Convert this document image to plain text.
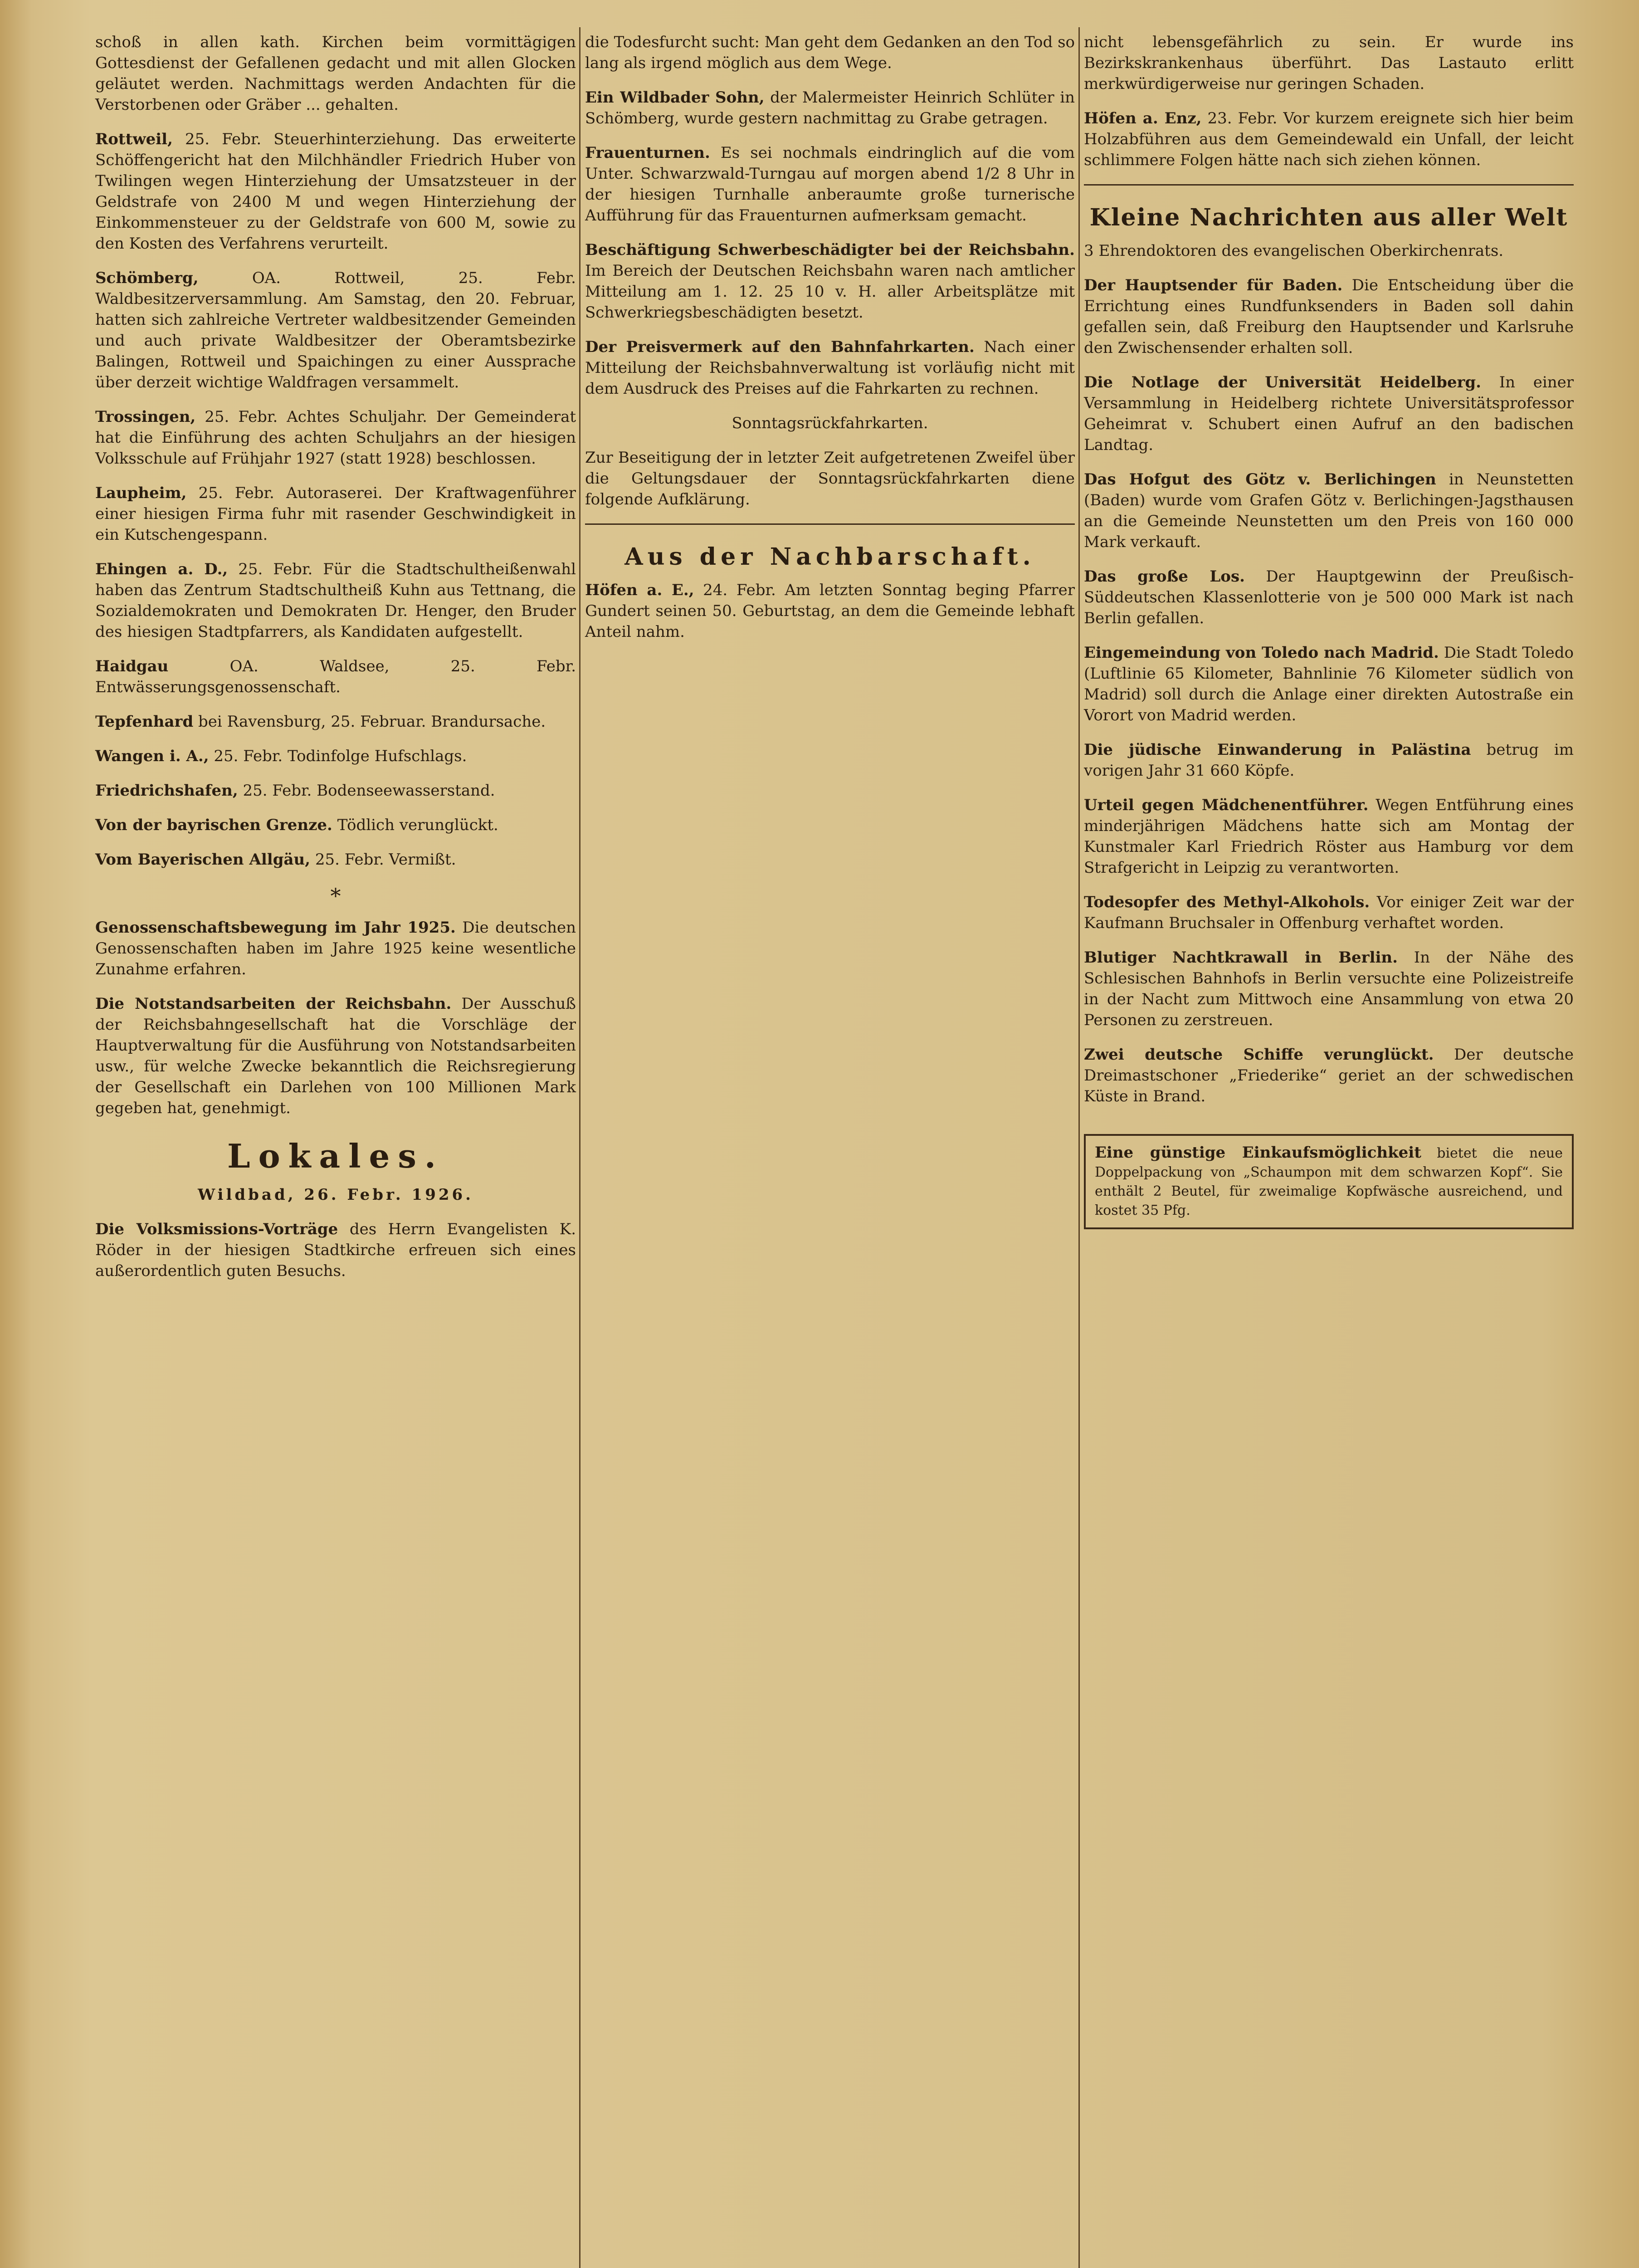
schoß in allen kath. Kirchen beim vormittägigen Gottesdienst der Gefallenen gedacht und mit allen Glocken geläutet werden. Nachmittags werden Andachten für die Verstorbenen oder Gräber ... gehalten.
Rottweil, 25. Febr. Steuerhinterziehung. Das erweiterte Schöffengericht hat den Milchhändler Friedrich Huber von Twilingen wegen Hinterziehung der Umsatzsteuer in der Geldstrafe von 2400 M und wegen Hinterziehung der Einkommensteuer zu der Geldstrafe von 600 M, sowie zu den Kosten des Verfahrens verurteilt.
Schömberg,	OA. Rottweil, 25. Febr. Waldbesitzerversammlung. Am Samstag, den 20. Februar, hatten sich zahlreiche Vertreter waldbesitzender Gemeinden und auch private Waldbesitzer der Oberamtsbezirke Balingen, Rottweil und Spaichingen zu einer Aussprache über derzeit wichtige Waldfragen versammelt.
Trossingen, 25. Febr. Achtes Schuljahr. Der Gemeinderat hat die Einführung des achten Schuljahrs an der hiesigen Volksschule auf Frühjahr 1927 (statt 1928) beschlossen.
Laupheim, 25. Febr. Autoraserei. Der Kraftwagenführer einer hiesigen Firma fuhr mit rasender Geschwindigkeit in ein Kutschengespann.
Ehingen a. D., 25. Febr. Für die Stadtschultheißenwahl haben das Zentrum Stadtschultheiß Kuhn aus Tettnang, die Sozialdemokraten und Demokraten Dr. Henger, den Bruder des hiesigen Stadtpfarrers, als Kandidaten aufgestellt.
Haidgau	OA. Waldsee, 25. Febr. Entwässerungsgenossenschaft.
Tepfenhard bei Ravensburg, 25. Februar. Brandursache.
Wangen i. A., 25. Febr. Todinfolge Hufschlags.
Friedrichshafen, 25. Febr. Bodenseewasserstand.
Von der bayrischen Grenze. Tödlich verunglückt.
Vom Bayerischen Allgäu, 25. Febr. Vermißt.
*
Genossenschaftsbewegung im Jahr 1925. Die deutschen Genossenschaften haben im Jahre 1925 keine wesentliche Zunahme erfahren.
Die Notstandsarbeiten der Reichsbahn. Der Ausschuß der Reichsbahngesellschaft hat die Vorschläge der Hauptverwaltung für die Ausführung von Notstandsarbeiten usw., für welche Zwecke bekanntlich die Reichsregierung der Gesellschaft ein Darlehen von 100 Millionen Mark gegeben hat, genehmigt.
Lokales.
Wildbad, 26. Febr. 1926.
Die Volksmissions-Vorträge des Herrn Evangelisten K. Röder in der hiesigen Stadtkirche erfreuen sich eines außerordentlich guten Besuchs.
die Todesfurcht sucht: Man geht dem Gedanken an den Tod so lang als irgend möglich aus dem Wege.
Ein Wildbader Sohn, der Malermeister Heinrich Schlüter in Schömberg, wurde gestern nachmittag zu Grabe getragen.
Frauenturnen. Es sei nochmals eindringlich auf die vom Unter. Schwarzwald-Turngau auf morgen abend 1/2 8 Uhr in der hiesigen Turnhalle anberaumte große turnerische Aufführung für das Frauenturnen aufmerksam gemacht.
Beschäftigung Schwerbeschädigter bei der Reichsbahn. Im Bereich der Deutschen Reichsbahn waren nach amtlicher Mitteilung am 1. 12. 25 10 v. H. aller Arbeitsplätze mit Schwerkriegsbeschädigten besetzt.
Der Preisvermerk auf den Bahnfahrkarten. Nach einer Mitteilung der Reichsbahnverwaltung ist vorläufig nicht mit dem Ausdruck des Preises auf die Fahrkarten zu rechnen.
Sonntagsrückfahrkarten.
Zur Beseitigung der in letzter Zeit aufgetretenen Zweifel über die Geltungsdauer der Sonntagsrückfahrkarten diene folgende Aufklärung.
Aus der Nachbarschaft.
Höfen a. E., 24. Febr. Am letzten Sonntag beging Pfarrer Gundert seinen 50. Geburtstag, an dem die Gemeinde lebhaft Anteil nahm.
nicht lebensgefährlich zu sein. Er wurde ins Bezirkskrankenhaus überführt. Das Lastauto erlitt merkwürdigerweise nur geringen Schaden.
Höfen a. Enz, 23. Febr. Vor kurzem ereignete sich hier beim Holzabführen aus dem Gemeindewald ein Unfall, der leicht schlimmere Folgen hätte nach sich ziehen können.
Kleine Nachrichten aus aller Welt
3 Ehrendoktoren des evangelischen Oberkirchenrats.
Der Hauptsender für Baden. Die Entscheidung über die Errichtung eines Rundfunksenders in Baden soll dahin gefallen sein, daß Freiburg den Hauptsender und Karlsruhe den Zwischensender erhalten soll.
Die Notlage der Universität Heidelberg. In einer Versammlung in Heidelberg richtete Universitätsprofessor Geheimrat v. Schubert einen Aufruf an den badischen Landtag.
Das Hofgut des Götz v. Berlichingen in Neunstetten (Baden) wurde vom Grafen Götz v. Berlichingen-Jagsthausen an die Gemeinde Neunstetten um den Preis von 160 000 Mark verkauft.
Das große Los. Der Hauptgewinn der Preußisch-Süddeutschen Klassenlotterie von je 500 000 Mark ist nach Berlin gefallen.
Eingemeindung von Toledo nach Madrid. Die Stadt Toledo (Luftlinie 65 Kilometer, Bahnlinie 76 Kilometer südlich von Madrid) soll durch die Anlage einer direkten Autostraße ein Vorort von Madrid werden.
Die jüdische Einwanderung in Palästina betrug im vorigen Jahr 31 660 Köpfe.
Urteil gegen Mädchenentführer. Wegen Entführung eines minderjährigen Mädchens hatte sich am Montag der Kunstmaler Karl Friedrich Röster aus Hamburg vor dem Strafgericht in Leipzig zu verantworten.
Todesopfer des Methyl-Alkohols. Vor einiger Zeit war der Kaufmann Bruchsaler in Offenburg verhaftet worden.
Blutiger Nachtkrawall in Berlin. In der Nähe des Schlesischen Bahnhofs in Berlin versuchte eine Polizeistreife in der Nacht zum Mittwoch eine Ansammlung von etwa 20 Personen zu zerstreuen.
Zwei deutsche Schiffe verunglückt. Der deutsche Dreimastschoner „Friederike“ geriet an der schwedischen Küste in Brand.
Eine günstige Einkaufsmöglichkeit bietet die neue Doppelpackung von „Schaumpon mit dem schwarzen Kopf“. Sie enthält 2 Beutel, für zweimalige Kopfwäsche ausreichend, und kostet 35 Pfg.
